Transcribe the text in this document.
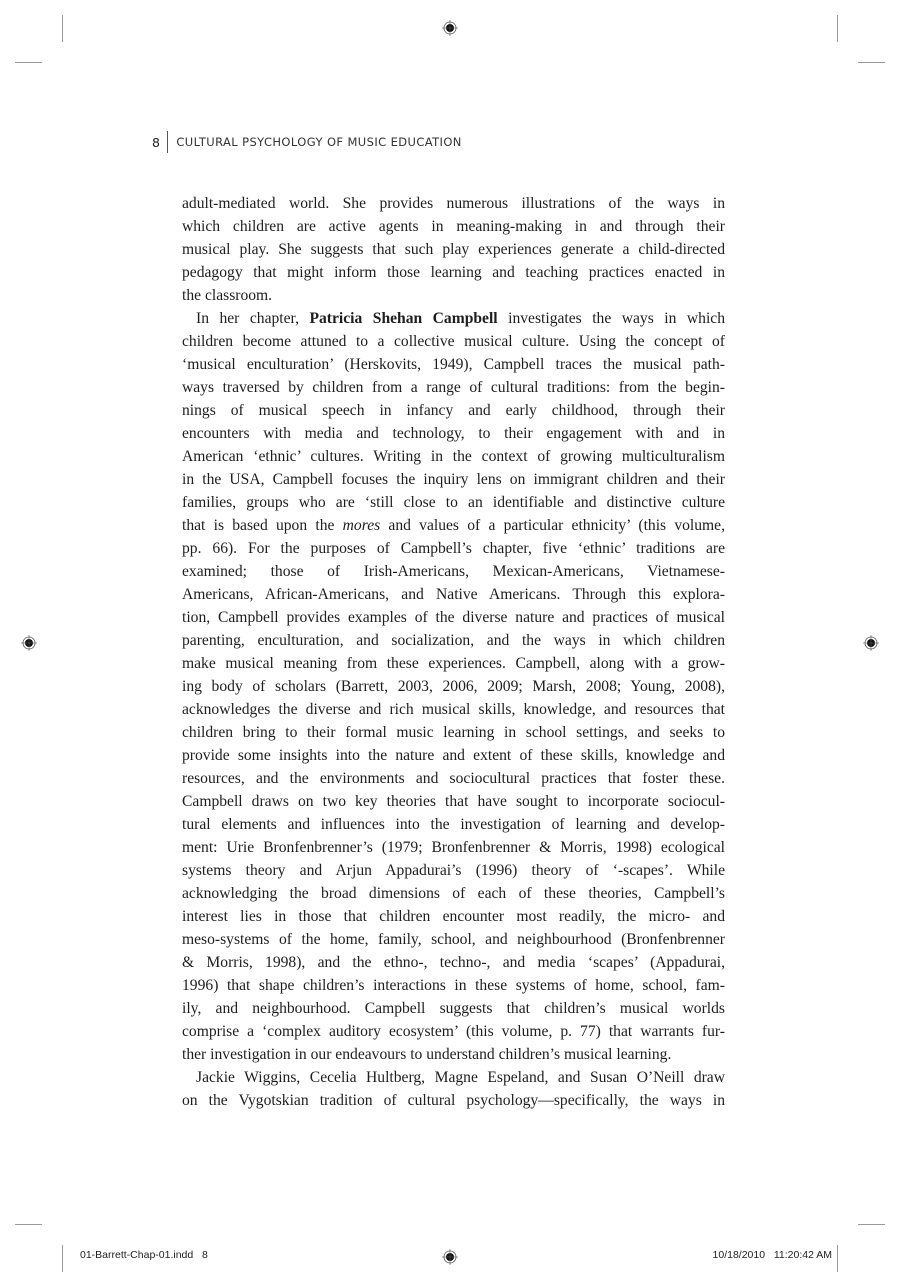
8 CULTURAL PSYCHOLOGY OF MUSIC EDUCATION

adult-mediated world. She provides numerous illustrations of the ways in
which children are active agents in meaning-making in and through their
musical play. She suggests that such play experiences generate a child-directed
pedagogy that might inform those learning and teaching practices enacted in
the classroom.

In her chapter, Patricia Shehan Campbell investigates the ways in which
children become attuned to a collective musical culture. Using the concept of
‘musical enculturation’ (Herskovits, 1949), Campbell traces the musical path-
ways traversed by children from a range of cultural traditions: from the begin-
nings of musical speech in infancy and early childhood, through their
encounters with media and technology, to their engagement with and in
American ‘ethnic’ cultures. Writing in the context of growing multiculturalism
in the USA, Campbell focuses the inquiry lens on immigrant children and their
families, groups who are ‘still close to an identifiable and distinctive culture
that is based upon the mores and values of a particular ethnicity’ (this volume,
pp. 66). For the purposes of Campbell’s chapter, five ‘ethnic’ traditions are
examined; those of Irish-Americans, Mexican-Americans, Vietnamese-
Americans, African-Americans, and Native Americans. Through this explora-
tion, Campbell provides examples of the diverse nature and practices of musical
parenting, enculturation, and socialization, and the ways in which children
make musical meaning from these experiences. Campbell, along with a grow-
ing body of scholars (Barrett, 2003, 2006, 2009; Marsh, 2008; Young, 2008),
acknowledges the diverse and rich musical skills, knowledge, and resources that
children bring to their formal music learning in school settings, and seeks to
provide some insights into the nature and extent of these skills, knowledge and
resources, and the environments and sociocultural practices that foster these.
Campbell draws on two key theories that have sought to incorporate sociocul-
tural elements and influences into the investigation of learning and develop-
ment: Urie Bronfenbrenner’s (1979; Bronfenbrenner & Morris, 1998) ecological
systems theory and Arjun Appadurai’s (1996) theory of ‘-scapes’. While
acknowledging the broad dimensions of each of these theories, Campbell’s
interest lies in those that children encounter most readily, the micro- and
meso-systems of the home, family, school, and neighbourhood (Bronfenbrenner
& Morris, 1998), and the ethno-, techno-, and media ‘scapes’ (Appadurai,
1996) that shape children’s interactions in these systems of home, school, fam-
ily, and neighbourhood. Campbell suggests that children’s musical worlds
comprise a ‘complex auditory ecosystem’ (this volume, p. 77) that warrants fur-
ther investigation in our endeavours to understand children’s musical learning.

Jackie Wiggins, Cecelia Hultberg, Magne Espeland, and Susan O’Neill draw
on the Vygotskian tradition of cultural psychology—specifically, the ways in

01-Barrett-Chap-01.indd   8	10/18/2010   11:20:42 AM
